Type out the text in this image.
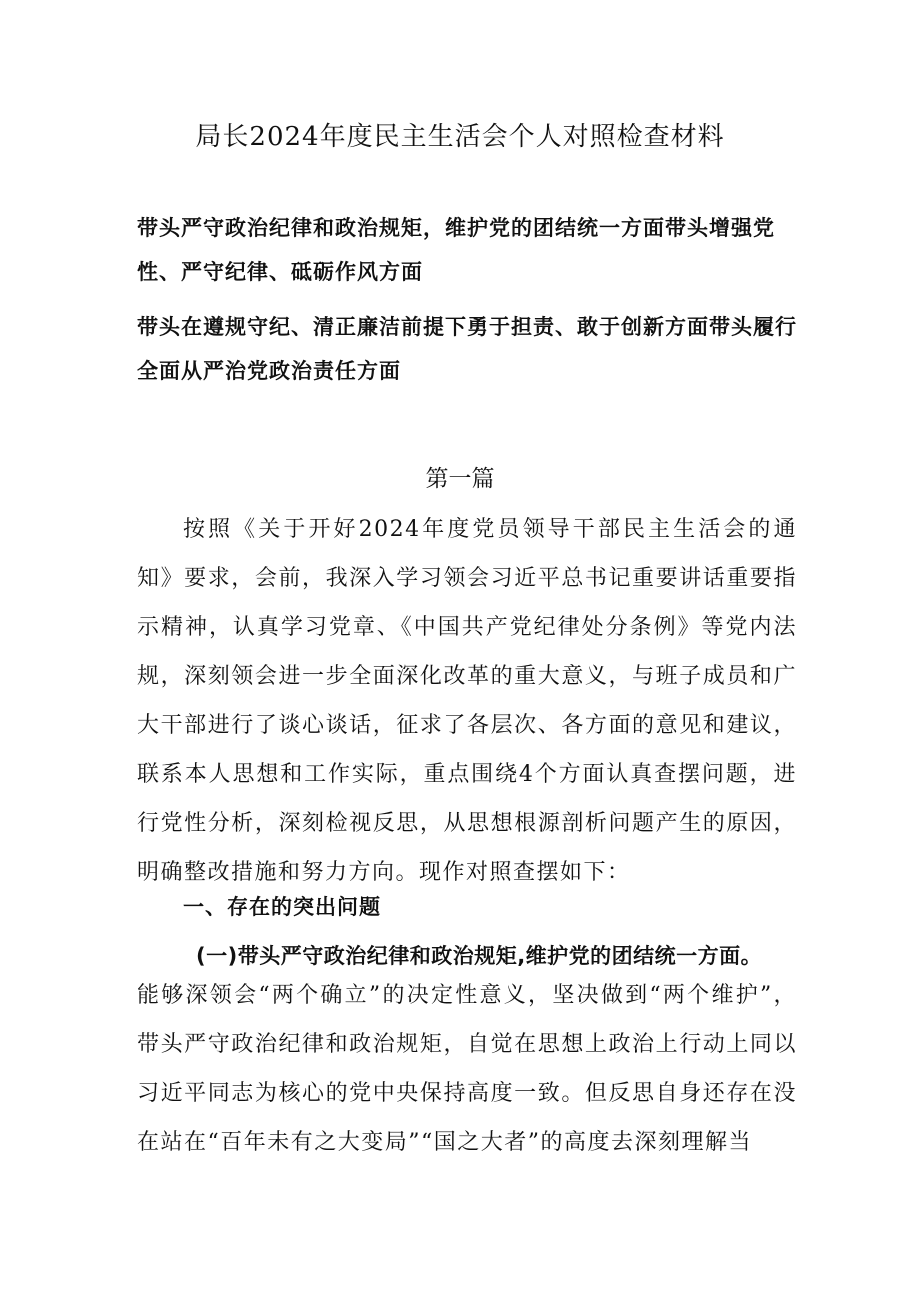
局长2024年度民主生活会个人对照检查材料
带头严守政治纪律和政治规矩，维护党的团结统一方面带头增强党性、严守纪律、砥砺作风方面
带头在遵规守纪、清正廉洁前提下勇于担责、敢于创新方面带头履行全面从严治党政治责任方面
第一篇
按照《关于开好2024年度党员领导干部民主生活会的通知》要求，会前，我深入学习领会习近平总书记重要讲话重要指示精神，认真学习党章、《中国共产党纪律处分条例》等党内法规，深刻领会进一步全面深化改革的重大意义，与班子成员和广大干部进行了谈心谈话，征求了各层次、各方面的意见和建议，联系本人思想和工作实际，重点围绕4个方面认真查摆问题，进行党性分析，深刻检视反思，从思想根源剖析问题产生的原因，明确整改措施和努力方向。现作对照查摆如下：
一、存在的突出问题
(一)带头严守政治纪律和政治规矩,维护党的团结统一方面。
能够深领会“两个确立”的决定性意义，坚决做到“两个维护”，带头严守政治纪律和政治规矩，自觉在思想上政治上行动上同以习近平同志为核心的党中央保持高度一致。但反思自身还存在没在站在“百年未有之大变局”“国之大者”的高度去深刻理解当
